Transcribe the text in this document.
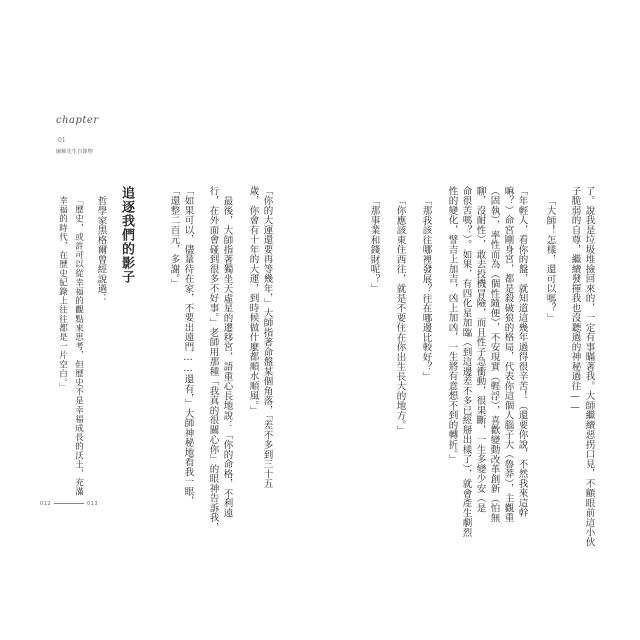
了。說我是垃圾堆撿回來的，一定有事瞞著我。大師繼續惡拐口見，不顧眼前這小伙
子脆弱的自尊，繼續發揮我也沒聽過的神秘過往——
「大師！怎樣，還可以嗎？」
「年輕人，看你的盤，就知道這幾年過得很辛苦！（還要你說，不然我來這幹
嘛？）命宮剛身宮，都是殺破狼的格局，代表你這個人腦子大（魯莽），主觀重
（固執），率性而為（個性隨便），不安現實（輕浮），喜歡變動改革創新（怕無
聊，沒耐性），敢去投機冒險，而且性子急衝動，很果斷，一生多變少安（是
命很苦嗎？）。如果，有四化星加臨（到這邊差不多已經掰出樣了），就會產生劇烈
性的變化，譬吉上加吉，凶上加凶，一生將有意想不到的轉折。」
「那我該往哪裡發展？往在哪邊比較好？」
「你應該東住西往，就是不要住在你出生長大的地方。」
「那事業和錢財呢？」
「你的大運還要再等幾年，」大師指著命盤某個角落，「差不多到三十五
歲，你會有十年的大運，到時候做什麼都順水順風。」
最後，大師指著獨坐天虛星的遷移宮，語重心長地說：「你的命格，不利遠
行，在外面會碰到很多不好事。」老師用那種「我真的很關心你」的眼神告訴我，
「如果可以，儘量待在家，不要出遠門……還有，」大師神秘地看我一眼，
「還整二百元，多謝。」
追逐我們的影子
哲學家黑格爾曾經說過：
「歷史，或許可以從幸福的觀點來思考，但歷史不是幸福成長的沃土，充滿
幸福的時代，在歷史紀錄上往往都是一片空白。」
chapter 01
圖解先生自錄物
012	013
